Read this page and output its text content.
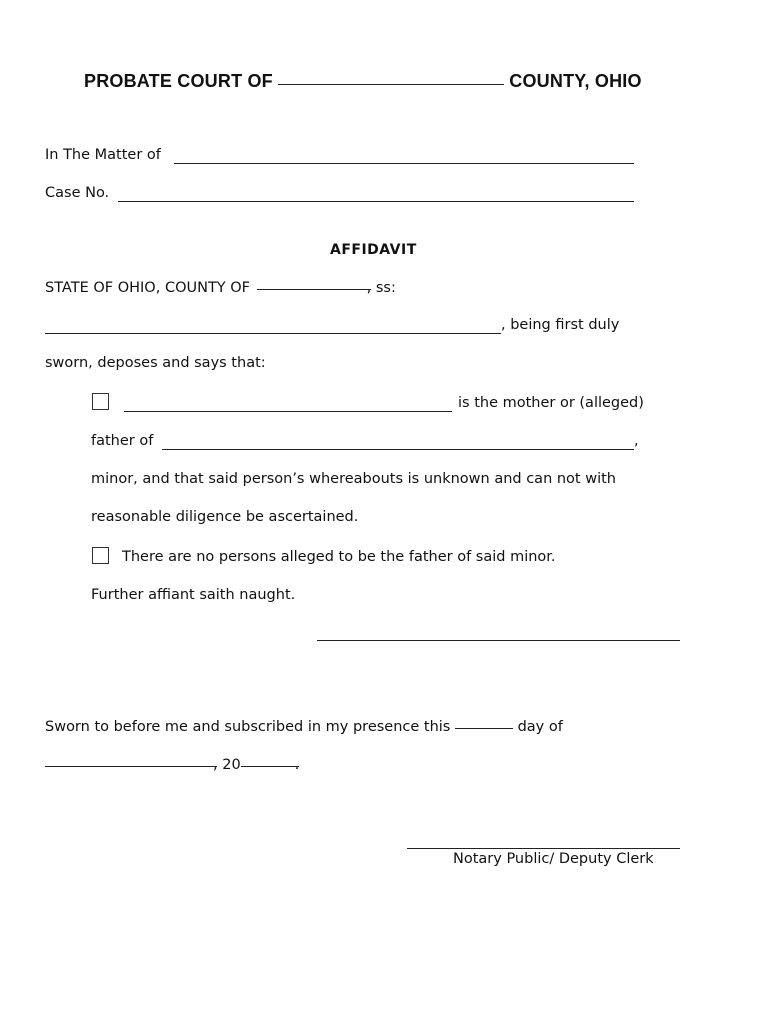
PROBATE COURT OF	COUNTY, OHIO
In The Matter of
Case No.
AFFIDAVIT
STATE OF OHIO, COUNTY OF	, ss:
, being first duly
sworn, deposes and says that:
is the mother or (alleged)
father of	,
minor, and that said person’s whereabouts is unknown and can not with
reasonable diligence be ascertained.
There are no persons alleged to be the father of said minor.
Further affiant saith naught.
Sworn to before me and subscribed in my presence this	day of
, 20	.
Notary Public/ Deputy Clerk
